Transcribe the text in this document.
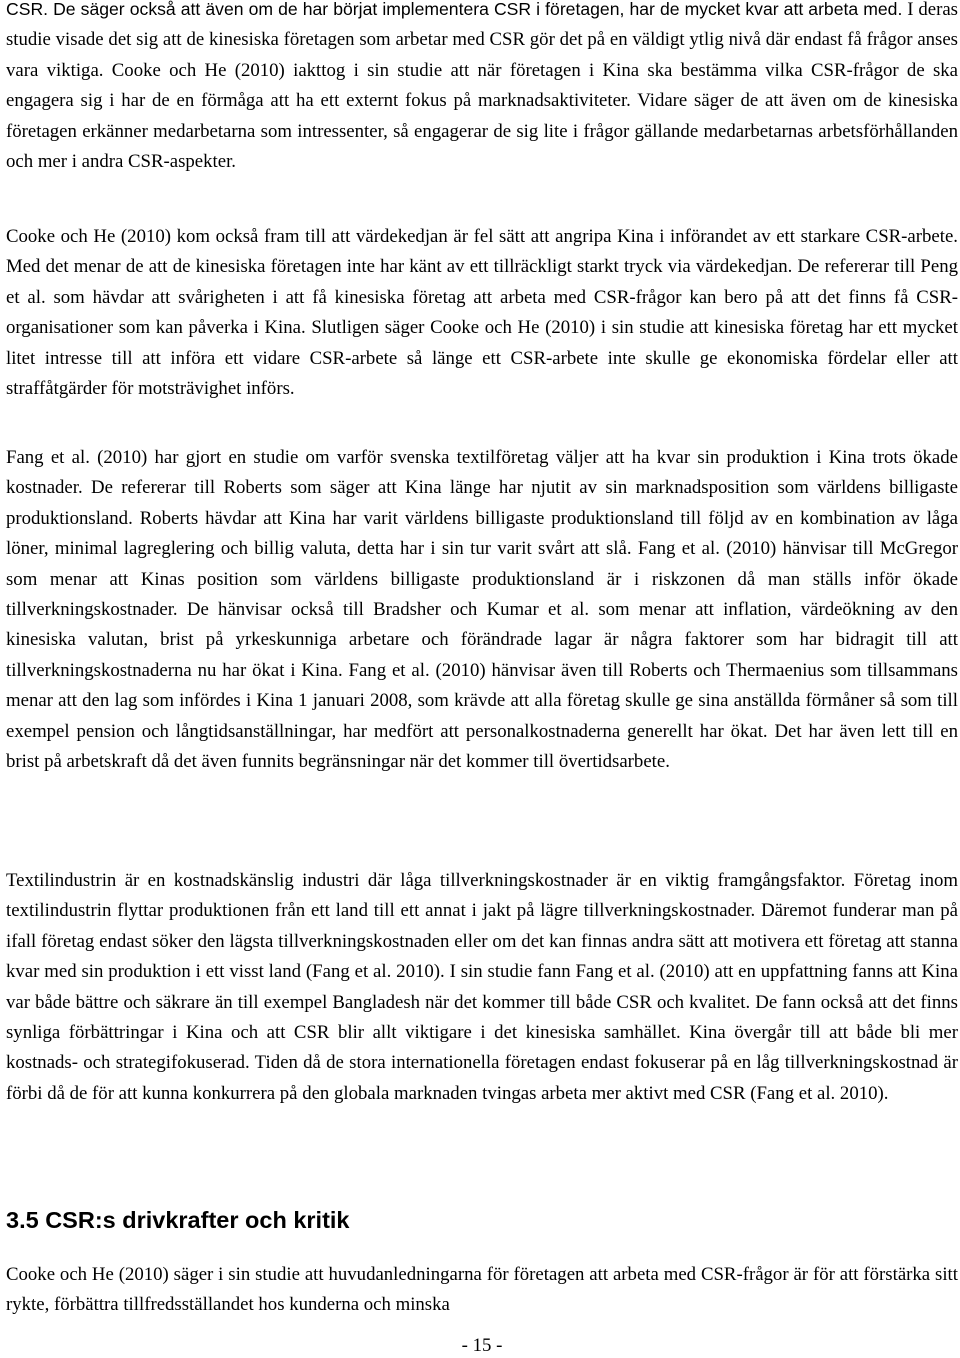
CSR. De säger också att även om de har börjat implementera CSR i företagen, har de mycket kvar att arbeta med. I deras studie visade det sig att de kinesiska företagen som arbetar med CSR gör det på en väldigt ytlig nivå där endast få frågor anses vara viktiga. Cooke och He (2010) iakttog i sin studie att när företagen i Kina ska bestämma vilka CSR-frågor de ska engagera sig i har de en förmåga att ha ett externt fokus på marknadsaktiviteter. Vidare säger de att även om de kinesiska företagen erkänner medarbetarna som intressenter, så engagerar de sig lite i frågor gällande medarbetarnas arbetsförhållanden och mer i andra CSR-aspekter.

Cooke och He (2010) kom också fram till att värdekedjan är fel sätt att angripa Kina i införandet av ett starkare CSR-arbete. Med det menar de att de kinesiska företagen inte har känt av ett tillräckligt starkt tryck via värdekedjan. De refererar till Peng et al. som hävdar att svårigheten i att få kinesiska företag att arbeta med CSR-frågor kan bero på att det finns få CSR-organisationer som kan påverka i Kina. Slutligen säger Cooke och He (2010) i sin studie att kinesiska företag har ett mycket litet intresse till att införa ett vidare CSR-arbete så länge ett CSR-arbete inte skulle ge ekonomiska fördelar eller att straffåtgärder för motsträvighet införs.

Fang et al. (2010) har gjort en studie om varför svenska textilföretag väljer att ha kvar sin produktion i Kina trots ökade kostnader. De refererar till Roberts som säger att Kina länge har njutit av sin marknadsposition som världens billigaste produktionsland. Roberts hävdar att Kina har varit världens billigaste produktionsland till följd av en kombination av låga löner, minimal lagreglering och billig valuta, detta har i sin tur varit svårt att slå. Fang et al. (2010) hänvisar till McGregor som menar att Kinas position som världens billigaste produktionsland är i riskzonen då man ställs inför ökade tillverkningskostnader. De hänvisar också till Bradsher och Kumar et al. som menar att inflation, värdeökning av den kinesiska valutan, brist på yrkeskunniga arbetare och förändrade lagar är några faktorer som har bidragit till att tillverkningskostnaderna nu har ökat i Kina. Fang et al. (2010) hänvisar även till Roberts och Thermaenius som tillsammans menar att den lag som infördes i Kina 1 januari 2008, som krävde att alla företag skulle ge sina anställda förmåner så som till exempel pension och långtidsanställningar, har medfört att personalkostnaderna generellt har ökat. Det har även lett till en brist på arbetskraft då det även funnits begränsningar när det kommer till övertidsarbete.

Textilindustrin är en kostnadskänslig industri där låga tillverkningskostnader är en viktig framgångsfaktor. Företag inom textilindustrin flyttar produktionen från ett land till ett annat i jakt på lägre tillverkningskostnader. Däremot funderar man på ifall företag endast söker den lägsta tillverkningskostnaden eller om det kan finnas andra sätt att motivera ett företag att stanna kvar med sin produktion i ett visst land (Fang et al. 2010). I sin studie fann Fang et al. (2010) att en uppfattning fanns att Kina var både bättre och säkrare än till exempel Bangladesh när det kommer till både CSR och kvalitet. De fann också att det finns synliga förbättringar i Kina och att CSR blir allt viktigare i det kinesiska samhället. Kina övergår till att både bli mer kostnads- och strategifokuserad. Tiden då de stora internationella företagen endast fokuserar på en låg tillverkningskostnad är förbi då de för att kunna konkurrera på den globala marknaden tvingas arbeta mer aktivt med CSR (Fang et al. 2010).

3.5 CSR:s drivkrafter och kritik

Cooke och He (2010) säger i sin studie att huvudanledningarna för företagen att arbeta med CSR-frågor är för att förstärka sitt rykte, förbättra tillfredsställandet hos kunderna och minska

- 15 -
